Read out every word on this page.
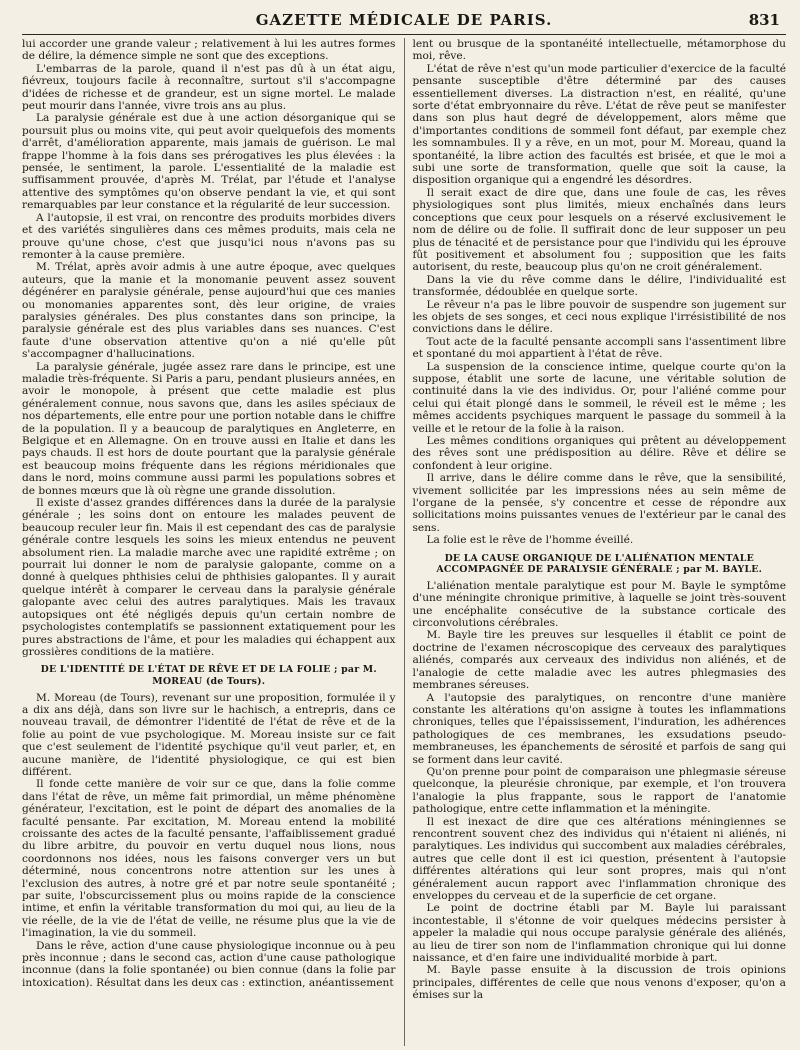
GAZETTE MÉDICALE DE PARIS.	831

lui accorder une grande valeur ; relativement à lui les autres formes de délire, la démence simple ne sont que des exceptions.

L'embarras de la parole, quand il n'est pas dû à un état aigu, fiévreux, toujours facile à reconnaître, surtout s'il s'accompagne d'idées de richesse et de grandeur, est un signe mortel. Le malade peut mourir dans l'année, vivre trois ans au plus.

La paralysie générale est due à une action désorganique qui se poursuit plus ou moins vite, qui peut avoir quelquefois des moments d'arrêt, d'amélioration apparente, mais jamais de guérison. Le mal frappe l'homme à la fois dans ses prérogatives les plus élevées : la pensée, le sentiment, la parole. L'essentialité de la maladie est suffisamment prouvée, d'après M. Trélat, par l'étude et l'analyse attentive des symptômes qu'on observe pendant la vie, et qui sont remarquables par leur constance et la régularité de leur succession.

A l'autopsie, il est vrai, on rencontre des produits morbides divers et des variétés singulières dans ces mêmes produits, mais cela ne prouve qu'une chose, c'est que jusqu'ici nous n'avons pas su remonter à la cause première.

M. Trélat, après avoir admis à une autre époque, avec quelques auteurs, que la manie et la monomanie peuvent assez souvent dégénérer en paralysie générale, pense aujourd'hui que ces manies ou monomanies apparentes sont, dès leur origine, de vraies paralysies générales. Des plus constantes dans son principe, la paralysie générale est des plus variables dans ses nuances. C'est faute d'une observation attentive qu'on a nié qu'elle pût s'accompagner d'hallucinations.

La paralysie générale, jugée assez rare dans le principe, est une maladie très-fréquente. Si Paris a paru, pendant plusieurs années, en avoir le monopole, à présent que cette maladie est plus généralement connue, nous savons que, dans les asiles spéciaux de nos départements, elle entre pour une portion notable dans le chiffre de la population. Il y a beaucoup de paralytiques en Angleterre, en Belgique et en Allemagne. On en trouve aussi en Italie et dans les pays chauds. Il est hors de doute pourtant que la paralysie générale est beaucoup moins fréquente dans les régions méridionales que dans le nord, moins commune aussi parmi les populations sobres et de bonnes mœurs que là où règne une grande dissolution.

Il existe d'assez grandes différences dans la durée de la paralysie générale ; les soins dont on entoure les malades peuvent de beaucoup reculer leur fin. Mais il est cependant des cas de paralysie générale contre lesquels les soins les mieux entendus ne peuvent absolument rien. La maladie marche avec une rapidité extrême ; on pourrait lui donner le nom de paralysie galopante, comme on a donné à quelques phthisies celui de phthisies galopantes. Il y aurait quelque intérêt à comparer le cerveau dans la paralysie générale galopante avec celui des autres paralytiques. Mais les travaux autopsiques ont été négligés depuis qu'un certain nombre de psychologistes contemplatifs se passionnent extatiquement pour les pures abstractions de l'âme, et pour les maladies qui échappent aux grossières conditions de la matière.

DE L'IDENTITÉ DE L'ÉTAT DE RÊVE ET DE LA FOLIE ; par M. MOREAU (de Tours).

M. Moreau (de Tours), revenant sur une proposition, formulée il y a dix ans déjà, dans son livre sur le hachisch, a entrepris, dans ce nouveau travail, de démontrer l'identité de l'état de rêve et de la folie au point de vue psychologique. M. Moreau insiste sur ce fait que c'est seulement de l'identité psychique qu'il veut parler, et, en aucune manière, de l'identité physiologique, ce qui est bien différent.

Il fonde cette manière de voir sur ce que, dans la folie comme dans l'état de rêve, un même fait primordial, un même phénomène générateur, l'excitation, est le point de départ des anomalies de la faculté pensante. Par excitation, M. Moreau entend la mobilité croissante des actes de la faculté pensante, l'affaiblissement gradué du libre arbitre, du pouvoir en vertu duquel nous lions, nous coordonnons nos idées, nous les faisons converger vers un but déterminé, nous concentrons notre attention sur les unes à l'exclusion des autres, à notre gré et par notre seule spontanéité ; par suite, l'obscurcissement plus ou moins rapide de la conscience intime, et enfin la véritable transformation du moi qui, au lieu de la vie réelle, de la vie de l'état de veille, ne résume plus que la vie de l'imagination, la vie du sommeil.

Dans le rêve, action d'une cause physiologique inconnue ou à peu près inconnue ; dans le second cas, action d'une cause pathologique inconnue (dans la folie spontanée) ou bien connue (dans la folie par intoxication). Résultat dans les deux cas : extinction, anéantissement

lent ou brusque de la spontanéité intellectuelle, métamorphose du moi, rêve.

L'état de rêve n'est qu'un mode particulier d'exercice de la faculté pensante susceptible d'être déterminé par des causes essentiellement diverses. La distraction n'est, en réalité, qu'une sorte d'état embryonnaire du rêve. L'état de rêve peut se manifester dans son plus haut degré de développement, alors même que d'importantes conditions de sommeil font défaut, par exemple chez les somnambules. Il y a rêve, en un mot, pour M. Moreau, quand la spontanéité, la libre action des facultés est brisée, et que le moi a subi une sorte de transformation, quelle que soit la cause, la disposition organique qui a engendré les désordres.

Il serait exact de dire que, dans une foule de cas, les rêves physiologiques sont plus limités, mieux enchaînés dans leurs conceptions que ceux pour lesquels on a réservé exclusivement le nom de délire ou de folie. Il suffirait donc de leur supposer un peu plus de ténacité et de persistance pour que l'individu qui les éprouve fût positivement et absolument fou ; supposition que les faits autorisent, du reste, beaucoup plus qu'on ne croit généralement.

Dans la vie du rêve comme dans le délire, l'individualité est transformée, dédoublée en quelque sorte.

Le rêveur n'a pas le libre pouvoir de suspendre son jugement sur les objets de ses songes, et ceci nous explique l'irrésistibilité de nos convictions dans le délire.

Tout acte de la faculté pensante accompli sans l'assentiment libre et spontané du moi appartient à l'état de rêve.

La suspension de la conscience intime, quelque courte qu'on la suppose, établit une sorte de lacune, une véritable solution de continuité dans la vie des individus. Or, pour l'aliéné comme pour celui qui était plongé dans le sommeil, le réveil est le même ; les mêmes accidents psychiques marquent le passage du sommeil à la veille et le retour de la folie à la raison.

Les mêmes conditions organiques qui prêtent au développement des rêves sont une prédisposition au délire. Rêve et délire se confondent à leur origine.

Il arrive, dans le délire comme dans le rêve, que la sensibilité, vivement sollicitée par les impressions nées au sein même de l'organe de la pensée, s'y concentre et cesse de répondre aux sollicitations moins puissantes venues de l'extérieur par le canal des sens.

La folie est le rêve de l'homme éveillé.

DE LA CAUSE ORGANIQUE DE L'ALIÉNATION MENTALE ACCOMPAGNÉE DE PARALYSIE GÉNÉRALE ; par M. BAYLE.

L'aliénation mentale paralytique est pour M. Bayle le symptôme d'une méningite chronique primitive, à laquelle se joint très-souvent une encéphalite consécutive de la substance corticale des circonvolutions cérébrales.

M. Bayle tire les preuves sur lesquelles il établit ce point de doctrine de l'examen nécroscopique des cerveaux des paralytiques aliénés, comparés aux cerveaux des individus non aliénés, et de l'analogie de cette maladie avec les autres phlegmasies des membranes séreuses.

A l'autopsie des paralytiques, on rencontre d'une manière constante les altérations qu'on assigne à toutes les inflammations chroniques, telles que l'épaississement, l'induration, les adhérences pathologiques de ces membranes, les exsudations pseudo-membraneuses, les épanchements de sérosité et parfois de sang qui se forment dans leur cavité.

Qu'on prenne pour point de comparaison une phlegmasie séreuse quelconque, la pleurésie chronique, par exemple, et l'on trouvera l'analogie la plus frappante, sous le rapport de l'anatomie pathologique, entre cette inflammation et la méningite.

Il est inexact de dire que ces altérations méningiennes se rencontrent souvent chez des individus qui n'étaient ni aliénés, ni paralytiques. Les individus qui succombent aux maladies cérébrales, autres que celle dont il est ici question, présentent à l'autopsie différentes altérations qui leur sont propres, mais qui n'ont généralement aucun rapport avec l'inflammation chronique des enveloppes du cerveau et de la superficie de cet organe.

Le point de doctrine établi par M. Bayle lui paraissant incontestable, il s'étonne de voir quelques médecins persister à appeler la maladie qui nous occupe paralysie générale des aliénés, au lieu de tirer son nom de l'inflammation chronique qui lui donne naissance, et d'en faire une individualité morbide à part.

M. Bayle passe ensuite à la discussion de trois opinions principales, différentes de celle que nous venons d'exposer, qu'on a émises sur la
